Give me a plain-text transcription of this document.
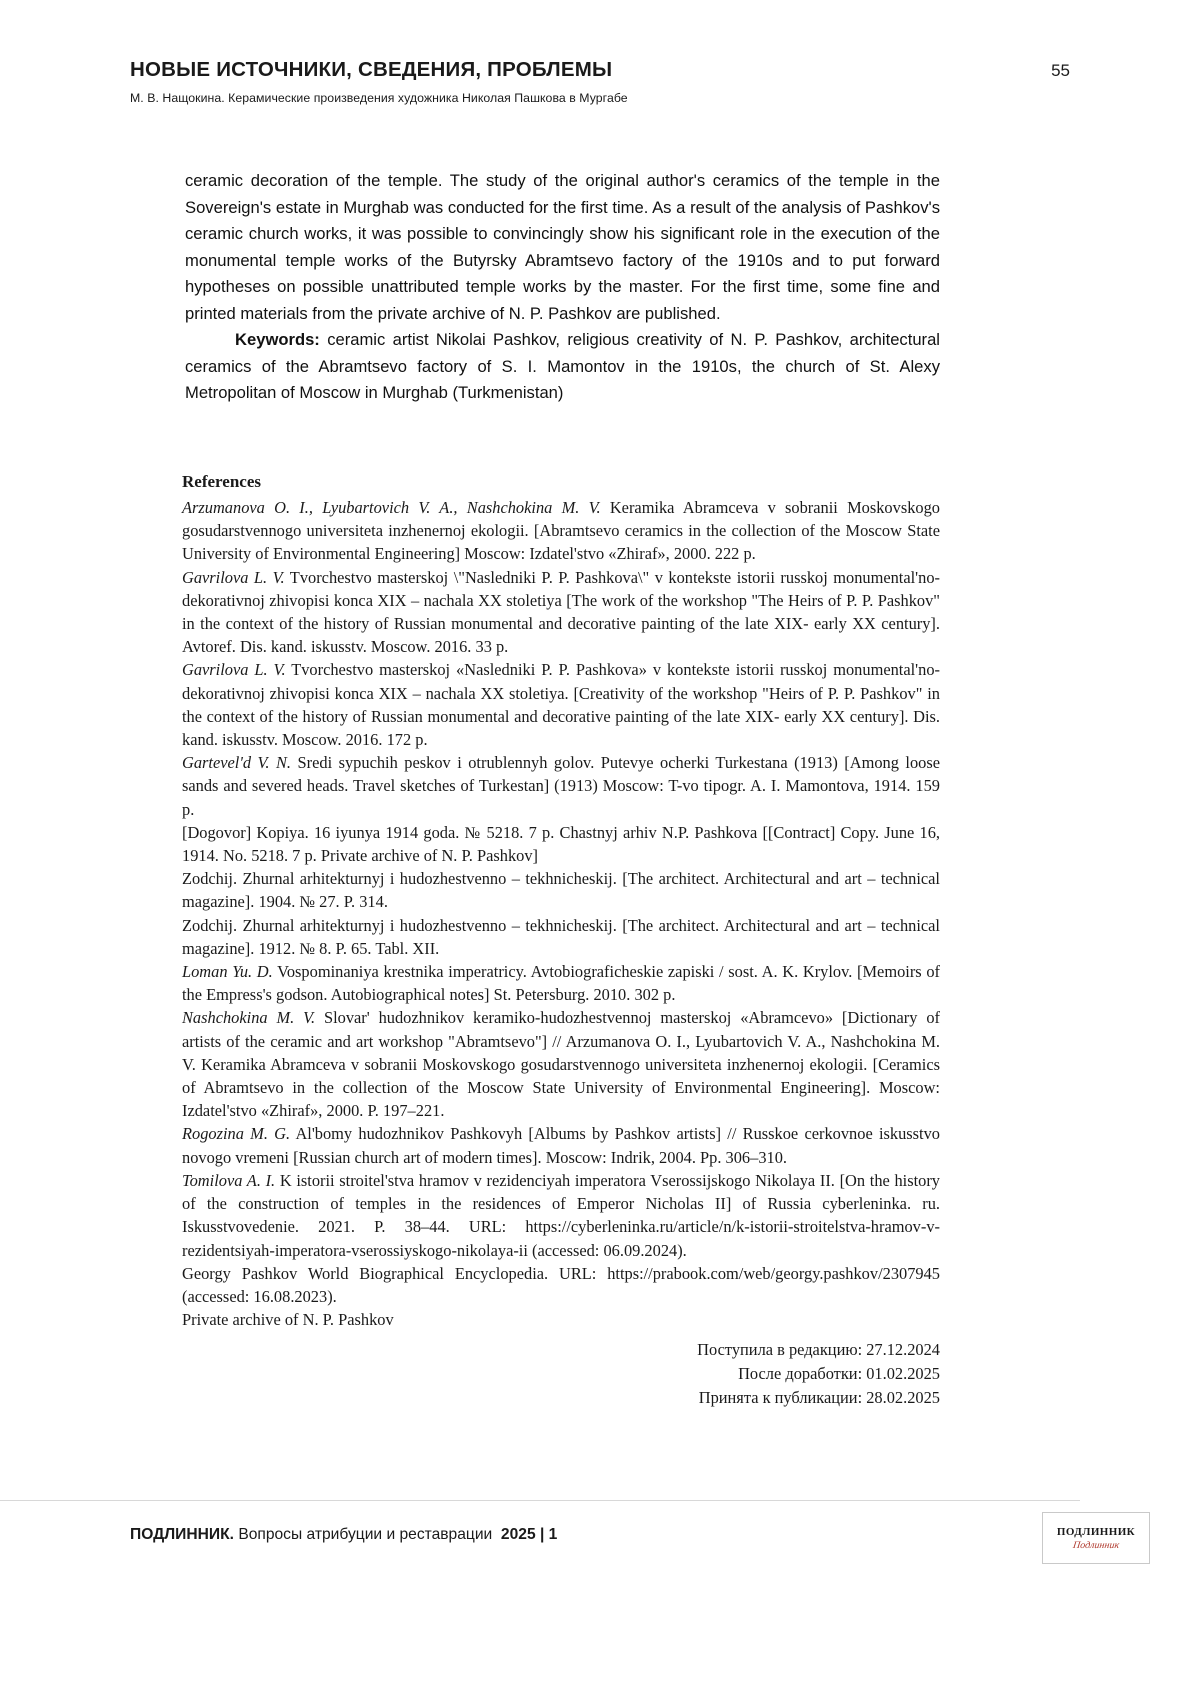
НОВЫЕ ИСТОЧНИКИ, СВЕДЕНИЯ, ПРОБЛЕМЫ	55
М. В. Нащокина. Керамические произведения художника Николая Пашкова в Мургабе

ceramic decoration of the temple. The study of the original author's ceramics of the temple in the Sovereign's estate in Murghab was conducted for the first time. As a result of the analysis of Pashkov's ceramic church works, it was possible to convincingly show his significant role in the execution of the monumental temple works of the Butyrsky Abramtsevo factory of the 1910s and to put forward hypotheses on possible unattributed temple works by the master. For the first time, some fine and printed materials from the private archive of N. P. Pashkov are published.

Keywords: ceramic artist Nikolai Pashkov, religious creativity of N. P. Pashkov, architectural ceramics of the Abramtsevo factory of S. I. Mamontov in the 1910s, the church of St. Alexy Metropolitan of Moscow in Murghab (Turkmenistan)

References

Arzumanova O. I., Lyubartovich V. A., Nashchokina M. V. Keramika Abramceva v sobranii Moskovskogo gosudarstvennogo universiteta inzhenernoj ekologii. [Abramtsevo ceramics in the collection of the Moscow State University of Environmental Engineering] Moscow: Izdatel'stvo «Zhiraf», 2000. 222 p.

Gavrilova L. V. Tvorchestvo masterskoj \"Nasledniki P. P. Pashkova\" v kontekste istorii russkoj monumental'no-dekorativnoj zhivopisi konca XIX – nachala XX stoletiya [The work of the workshop "The Heirs of P. P. Pashkov" in the context of the history of Russian monumental and decorative painting of the late XIX- early XX century]. Avtoref. Dis. kand. iskusstv. Moscow. 2016. 33 p.

Gavrilova L. V. Tvorchestvo masterskoj «Nasledniki P. P. Pashkova» v kontekste istorii russkoj monumental'no-dekorativnoj zhivopisi konca XIX – nachala XX stoletiya. [Creativity of the workshop "Heirs of P. P. Pashkov" in the context of the history of Russian monumental and decorative painting of the late XIX- early XX century]. Dis. kand. iskusstv. Moscow. 2016. 172 p.

Gartevel'd V. N. Sredi sypuchih peskov i otrublennyh golov. Putevye ocherki Turkestana (1913) [Among loose sands and severed heads. Travel sketches of Turkestan] (1913) Moscow: T-vo tipogr. A. I. Mamontova, 1914. 159 p.

[Dogovor] Kopiya. 16 iyunya 1914 goda. № 5218. 7 p. Chastnyj arhiv N.P. Pashkova [[Contract] Copy. June 16, 1914. No. 5218. 7 p. Private archive of N. P. Pashkov]

Zodchij. Zhurnal arhitekturnyj i hudozhestvenno – tekhnicheskij. [The architect. Architectural and art – technical magazine]. 1904. № 27. P. 314.

Zodchij. Zhurnal arhitekturnyj i hudozhestvenno – tekhnicheskij. [The architect. Architectural and art – technical magazine]. 1912. № 8. P. 65. Tabl. XII.

Loman Yu. D. Vospominaniya krestnika imperatricy. Avtobiograficheskie zapiski / sost. A. K. Krylov. [Memoirs of the Empress's godson. Autobiographical notes] St. Petersburg. 2010. 302 p.

Nashchokina M. V. Slovar' hudozhnikov keramiko-hudozhestvennoj masterskoj «Abramcevo» [Dictionary of artists of the ceramic and art workshop "Abramtsevo"] // Arzumanova O. I., Lyubartovich V. A., Nashchokina M. V. Keramika Abramceva v sobranii Moskovskogo gosudarstvennogo universiteta inzhenernoj ekologii. [Ceramics of Abramtsevo in the collection of the Moscow State University of Environmental Engineering]. Moscow: Izdatel'stvo «Zhiraf», 2000. P. 197–221.

Rogozina M. G. Al'bomy hudozhnikov Pashkovyh [Albums by Pashkov artists] // Russkoe cerkovnoe iskusstvo novogo vremeni [Russian church art of modern times]. Moscow: Indrik, 2004. Pp. 306–310.

Tomilova A. I. K istorii stroitel'stva hramov v rezidenciyah imperatora Vserossijskogo Nikolaya II. [On the history of the construction of temples in the residences of Emperor Nicholas II] of Russia cyberleninka. ru. Iskusstvovedenie. 2021. P. 38–44. URL: https://cyberleninka.ru/article/n/k-istorii-stroitelstva-hramov-v-rezidentsiyah-imperatora-vserossiyskogo-nikolaya-ii (accessed: 06.09.2024).

Georgy Pashkov World Biographical Encyclopedia. URL: https://prabook.com/web/georgy.pashkov/2307945 (accessed: 16.08.2023).

Private archive of N. P. Pashkov

Поступила в редакцию: 27.12.2024
После доработки: 01.02.2025
Принята к публикации: 28.02.2025
ПОДЛИННИК. Вопросы атрибуции и реставрации 2025 | 1	ПОДЛИННИК
Подлинник
